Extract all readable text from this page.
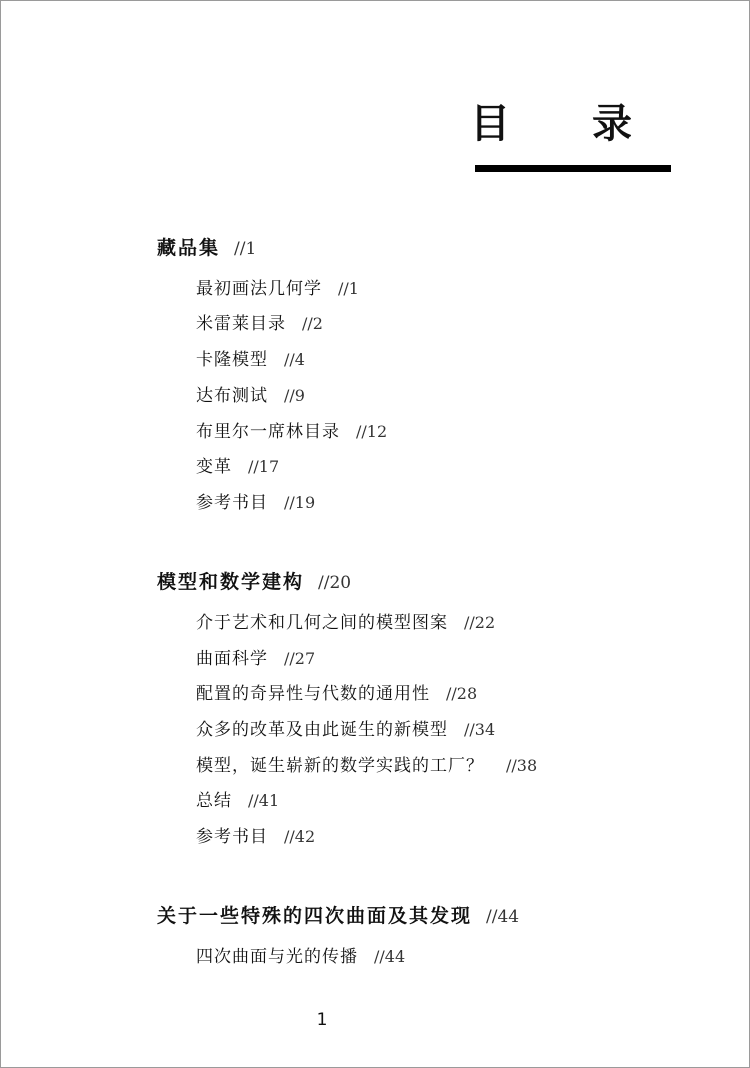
目 录
藏品集 //1
最初画法几何学 //1
米雷莱目录 //2
卡隆模型 //4
达布测试 //9
布里尔一席林目录 //12
变革 //17
参考书目 //19
模型和数学建构 //20
介于艺术和几何之间的模型图案 //22
曲面科学 //27
配置的奇异性与代数的通用性 //28
众多的改革及由此诞生的新模型 //34
模型，诞生崭新的数学实践的工厂？ //38
总结 //41
参考书目 //42
关于一些特殊的四次曲面及其发现 //44
四次曲面与光的传播 //44
1
